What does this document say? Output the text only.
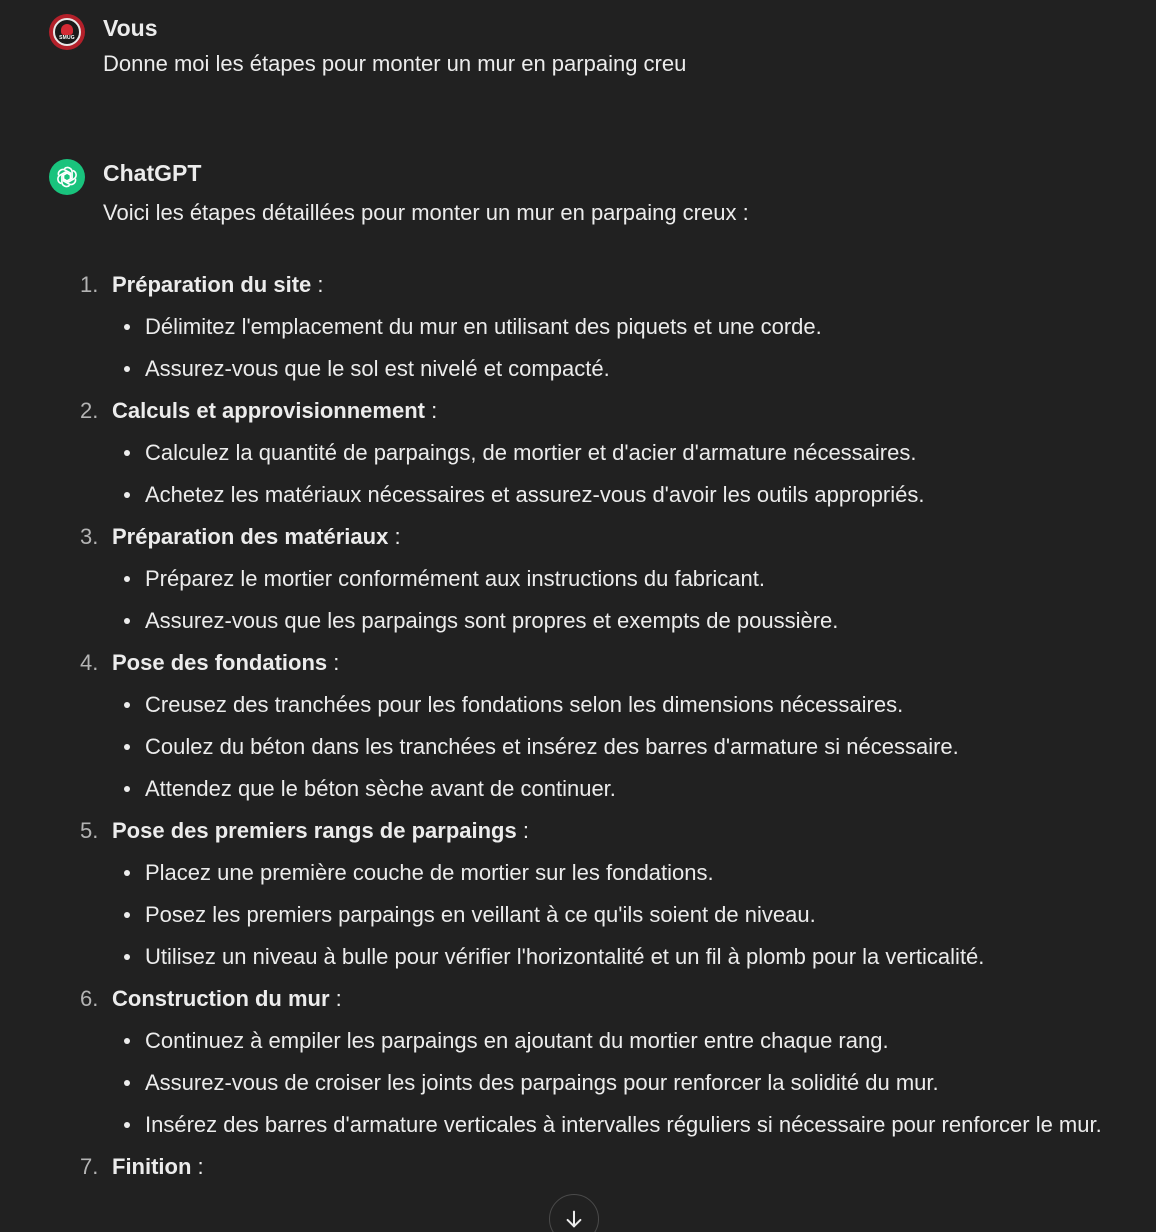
SMUG Vous
Donne moi les étapes pour monter un mur en parpaing creu
ChatGPT
Voici les étapes détaillées pour monter un mur en parpaing creux :
1. Préparation du site :
Délimitez l'emplacement du mur en utilisant des piquets et une corde.
Assurez-vous que le sol est nivelé et compacté.
2. Calculs et approvisionnement :
Calculez la quantité de parpaings, de mortier et d'acier d'armature nécessaires.
Achetez les matériaux nécessaires et assurez-vous d'avoir les outils appropriés.
3. Préparation des matériaux :
Préparez le mortier conformément aux instructions du fabricant.
Assurez-vous que les parpaings sont propres et exempts de poussière.
4. Pose des fondations :
Creusez des tranchées pour les fondations selon les dimensions nécessaires.
Coulez du béton dans les tranchées et insérez des barres d'armature si nécessaire.
Attendez que le béton sèche avant de continuer.
5. Pose des premiers rangs de parpaings :
Placez une première couche de mortier sur les fondations.
Posez les premiers parpaings en veillant à ce qu'ils soient de niveau.
Utilisez un niveau à bulle pour vérifier l'horizontalité et un fil à plomb pour la verticalité.
6. Construction du mur :
Continuez à empiler les parpaings en ajoutant du mortier entre chaque rang.
Assurez-vous de croiser les joints des parpaings pour renforcer la solidité du mur.
Insérez des barres d'armature verticales à intervalles réguliers si nécessaire pour renforcer le mur.
7. Finition :
